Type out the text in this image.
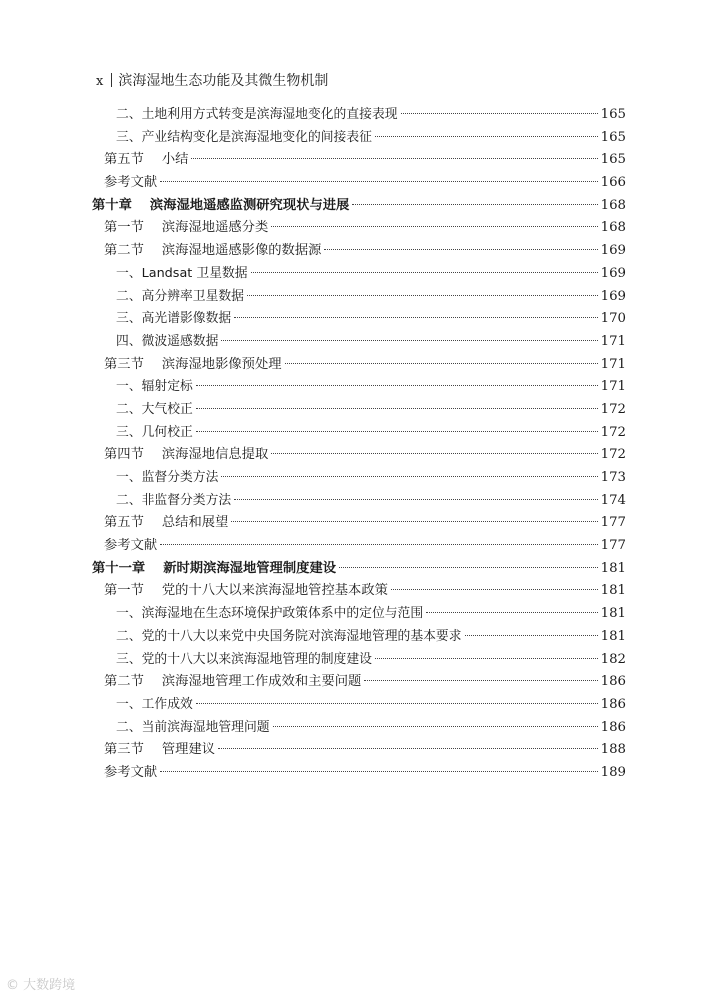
x 滨海湿地生态功能及其微生物机制
二、土地利用方式转变是滨海湿地变化的直接表现	165
三、产业结构变化是滨海湿地变化的间接表征	165
第五节 小结	165
参考文献	166
第十章 滨海湿地遥感监测研究现状与进展	168
第一节 滨海湿地遥感分类	168
第二节 滨海湿地遥感影像的数据源	169
一、Landsat 卫星数据	169
二、高分辨率卫星数据	169
三、高光谱影像数据	170
四、微波遥感数据	171
第三节 滨海湿地影像预处理	171
一、辐射定标	171
二、大气校正	172
三、几何校正	172
第四节 滨海湿地信息提取	172
一、监督分类方法	173
二、非监督分类方法	174
第五节 总结和展望	177
参考文献	177
第十一章 新时期滨海湿地管理制度建设	181
第一节 党的十八大以来滨海湿地管控基本政策	181
一、滨海湿地在生态环境保护政策体系中的定位与范围	181
二、党的十八大以来党中央国务院对滨海湿地管理的基本要求	181
三、党的十八大以来滨海湿地管理的制度建设	182
第二节 滨海湿地管理工作成效和主要问题	186
一、工作成效	186
二、当前滨海湿地管理问题	186
第三节 管理建议	188
参考文献	189
© 大数跨境
